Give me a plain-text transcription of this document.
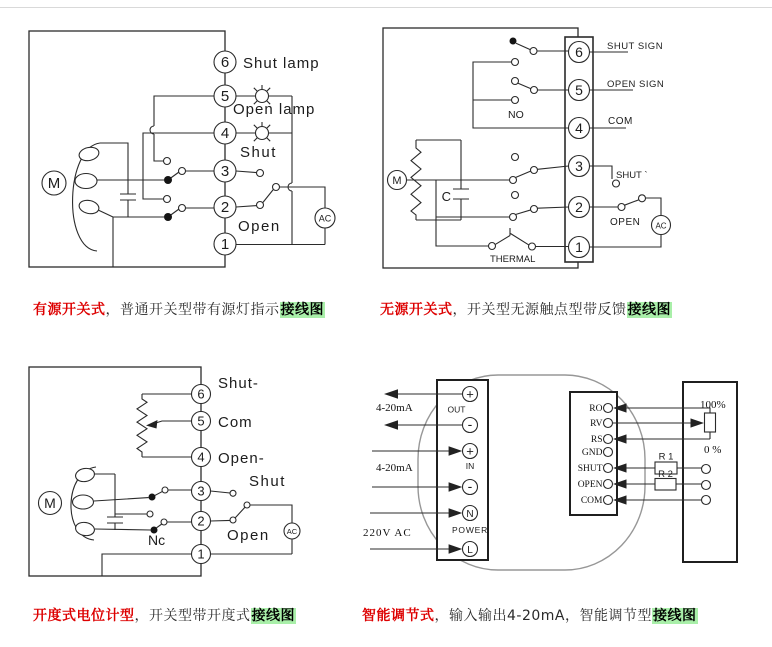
6
5
4
3
2
1
M
AC
Shut lamp
Open lamp
Shut
Open
6
5
4
3
2
1
M
AC
C
SHUT SIGN
OPEN SIGN
COM
SHUT `
OPEN
NO
THERMAL
6
5
4
3
2
1
M
AC
Shut-
Com
Open-
Shut
Open
Nc
+
-
+
-
N
L
OUT
IN
POWER
4-20mA
4-20mA
220V AC
RO
RV
RS
GND
SHUT
OPEN
COM
R 1
R 2
100%
0 %
有源开关式，普通开关型带有源灯指示接线图	无源开关式，开关型无源触点型带反馈接线图
开度式电位计型，开关型带开度式接线图	智能调节式，输入输出4-20mA，智能调节型接线图
